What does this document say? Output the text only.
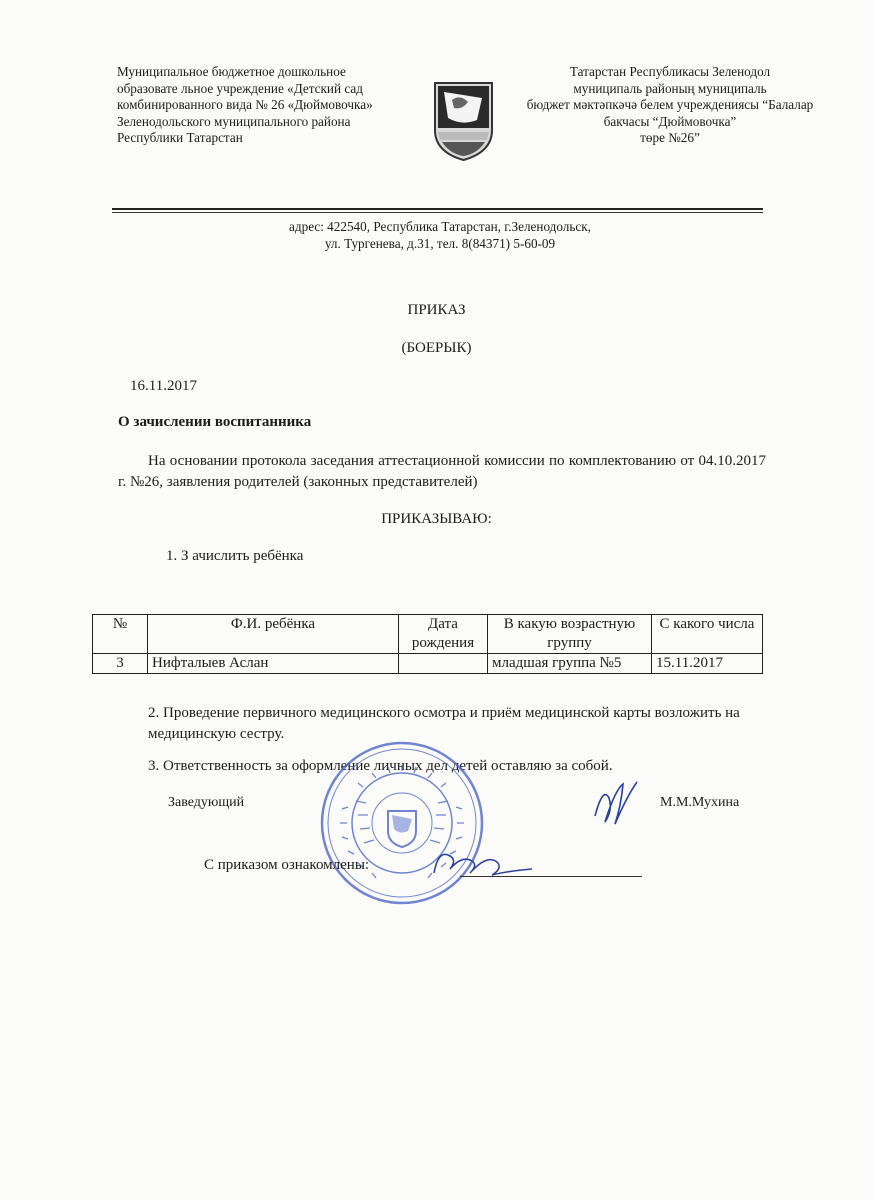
Муниципальное бюджетное дошкольное
образовате льное учреждение «Детский сад
комбинированного вида № 26 «Дюймовочка»
Зеленодольского муниципального района
Республики Татарстан
Татарстан Республикасы Зеленодол
муниципаль районың муниципаль
бюджет мәктәпкәчә белем учреждениясы “Балалар
бакчасы “Дюймовочка”
төре №26”
адрес: 422540, Республика Татарстан, г.Зеленодольск,
ул. Тургенева, д.31, тел. 8(84371) 5-60-09
ПРИКАЗ
(БОЕРЫК)
16.11.2017
О зачислении воспитанника
На основании протокола заседания аттестационной комиссии по комплектованию от 04.10.2017 г. №26, заявления родителей (законных представителей)
ПРИКАЗЫВАЮ:
1. З ачислить ребёнка
№	Ф.И. ребёнка	Дата рождения	В какую возрастную группу	С какого числа
3	Нифталыев Аслан		младшая группа №5	15.11.2017
2. Проведение первичного медицинского осмотра и приём медицинской карты возложить на медицинскую сестру.
3. Ответственность за оформление личных дел детей оставляю за собой.
Заведующий	М.М.Мухина
С приказом ознакомлены:
